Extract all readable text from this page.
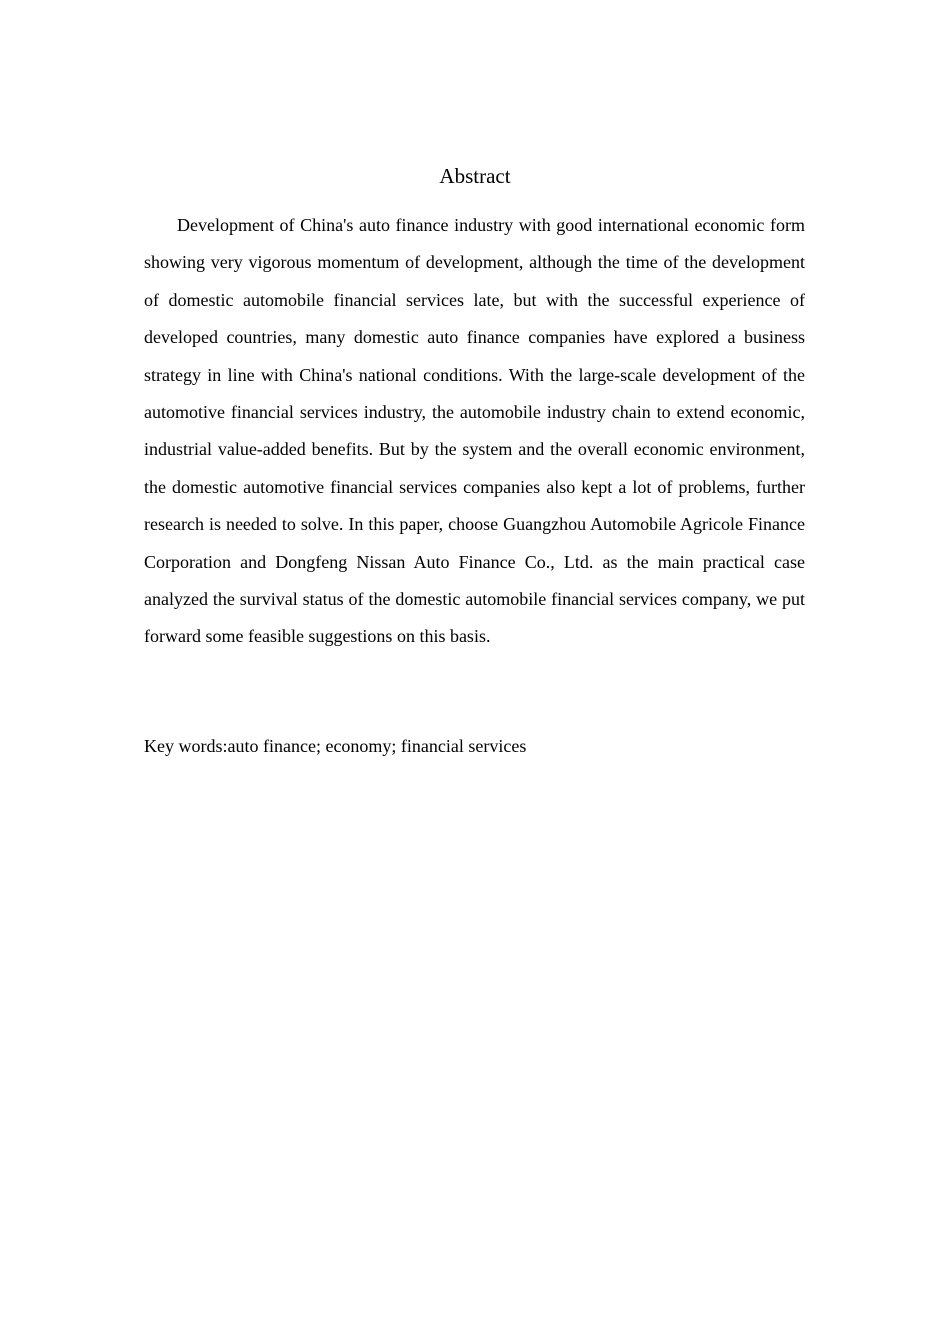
Abstract

Development of China's auto finance industry with good international economic form showing very vigorous momentum of development, although the time of the development of domestic automobile financial services late, but with the successful experience of developed countries, many domestic auto finance companies have explored a business strategy in line with China's national conditions. With the large-scale development of the automotive financial services industry, the automobile industry chain to extend economic, industrial value-added benefits. But by the system and the overall economic environment, the domestic automotive financial services companies also kept a lot of problems, further research is needed to solve. In this paper, choose Guangzhou Automobile Agricole Finance Corporation and Dongfeng Nissan Auto Finance Co., Ltd. as the main practical case analyzed the survival status of the domestic automobile financial services company, we put forward some feasible suggestions on this basis.

Key words:auto finance; economy; financial services
